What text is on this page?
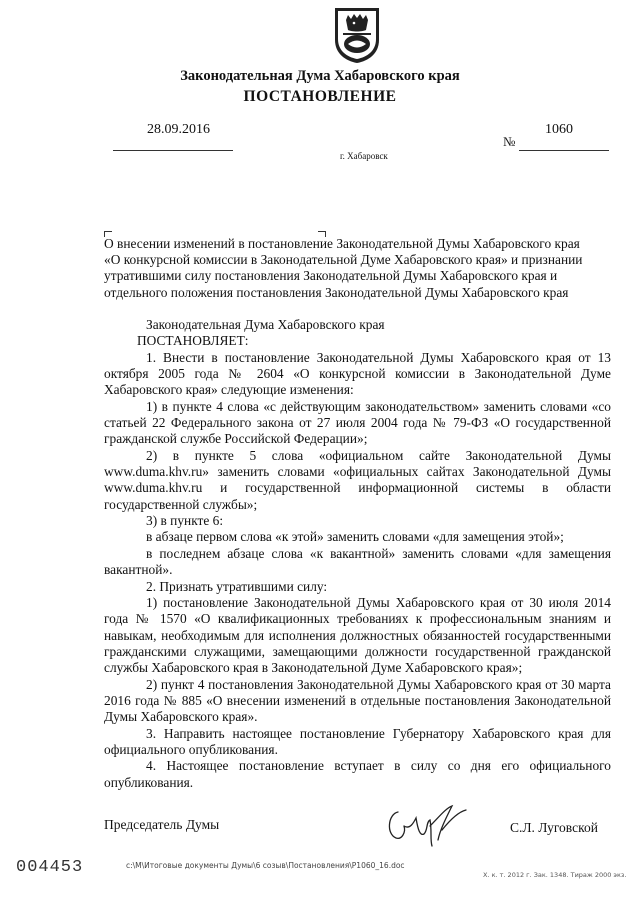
Законодательная Дума Хабаровского края
ПОСТАНОВЛЕНИЕ
28.09.2016	1060
№
г. Хабаровск

О внесении изменений в постановление Законодательной Думы Хабаровского края

«О конкурсной комиссии в Законодательной Думе Хабаровского края» и признании

утратившими силу постановления Законодательной Думы Хабаровского края и

отдельного положения постановления Законодательной Думы Хабаровского края

Законодательная Дума Хабаровского края

ПОСТАНОВЛЯЕТ:

1. Внести в постановление Законодательной Думы Хабаровского края от 13 октября 2005 года № 2604 «О конкурсной комиссии в Законодательной Думе Хабаровского края» следующие изменения:

1) в пункте 4 слова «с действующим законодательством» заменить словами «со статьей 22 Федерального закона от 27 июля 2004 года № 79-ФЗ «О государственной гражданской службе Российской Федерации»;

2) в пункте 5 слова «официальном сайте Законодательной Думы www.duma.khv.ru» заменить словами «официальных сайтах Законодательной Думы www.duma.khv.ru и государственной информационной системы в области государственной службы»;

3) в пункте 6:

в абзаце первом слова «к этой» заменить словами «для замещения этой»;

в последнем абзаце слова «к вакантной» заменить словами «для замещения вакантной».

2. Признать утратившими силу:

1) постановление Законодательной Думы Хабаровского края от 30 июля 2014 года № 1570 «О квалификационных требованиях к профессиональным знаниям и навыкам, необходимым для исполнения должностных обязанностей государственными гражданскими служащими, замещающими должности государственной гражданской службы Хабаровского края в Законодательной Думе Хабаровского края»;

2) пункт 4 постановления Законодательной Думы Хабаровского края от 30 марта 2016 года № 885 «О внесении изменений в отдельные постановления Законодательной Думы Хабаровского края».

3. Направить настоящее постановление Губернатору Хабаровского края для официального опубликования.

4. Настоящее постановление вступает в силу со дня его официального опубликования.

Председатель Думы	С.Л. Луговской
004453	c:\M\Итоговые документы Думы\6 созыв\Постановления\Р1060_16.doc
Х. к. т. 2012 г. Зак. 1348. Тираж 2000 экз.
